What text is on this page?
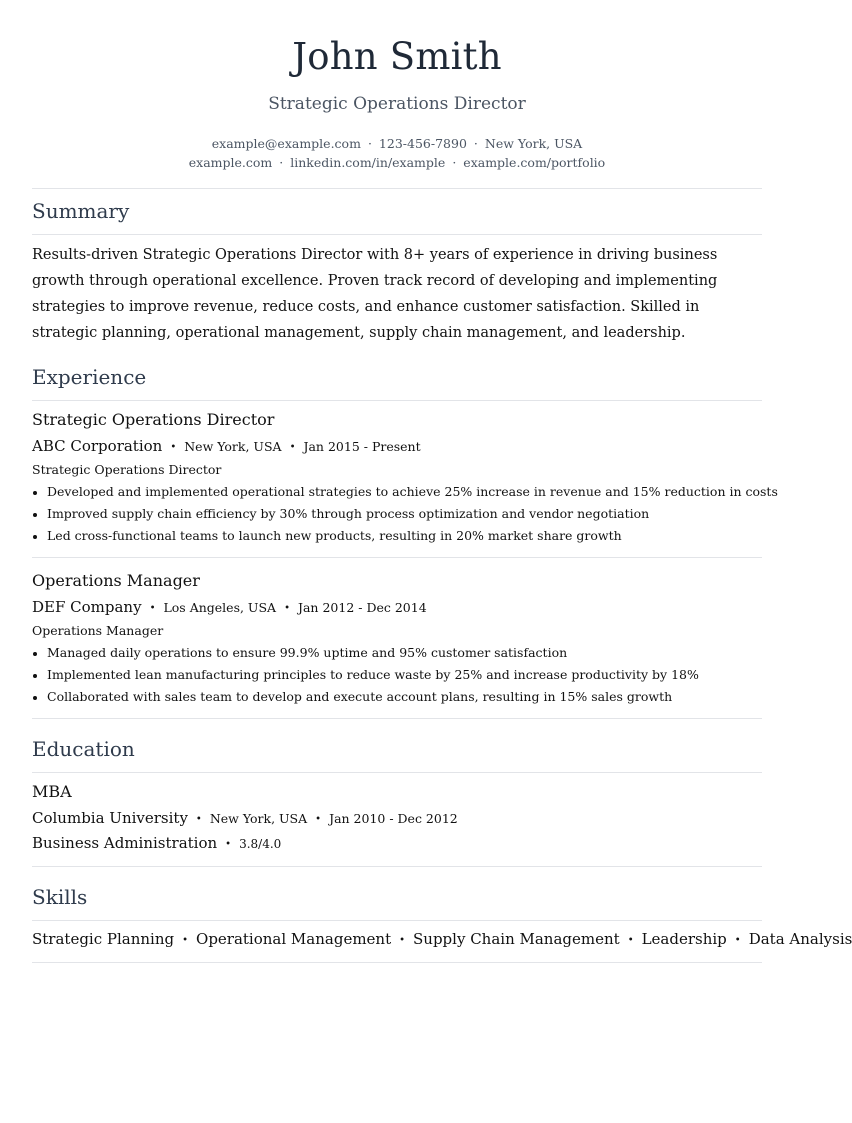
John Smith
Strategic Operations Director
example@example.com · 123-456-7890 · New York, USA
example.com · linkedin.com/in/example · example.com/portfolio
Summary
Results-driven Strategic Operations Director with 8+ years of experience in driving business growth through operational excellence. Proven track record of developing and implementing strategies to improve revenue, reduce costs, and enhance customer satisfaction. Skilled in strategic planning, operational management, supply chain management, and leadership.
Experience
Strategic Operations Director
ABC Corporation • New York, USA • Jan 2015 - Present
Strategic Operations Director
Developed and implemented operational strategies to achieve 25% increase in revenue and 15% reduction in costs
Improved supply chain efficiency by 30% through process optimization and vendor negotiation
Led cross-functional teams to launch new products, resulting in 20% market share growth
Operations Manager
DEF Company • Los Angeles, USA • Jan 2012 - Dec 2014
Operations Manager
Managed daily operations to ensure 99.9% uptime and 95% customer satisfaction
Implemented lean manufacturing principles to reduce waste by 25% and increase productivity by 18%
Collaborated with sales team to develop and execute account plans, resulting in 15% sales growth
Education
MBA
Columbia University • New York, USA • Jan 2010 - Dec 2012
Business Administration • 3.8/4.0
Skills
Strategic Planning • Operational Management • Supply Chain Management • Leadership • Data Analysis
